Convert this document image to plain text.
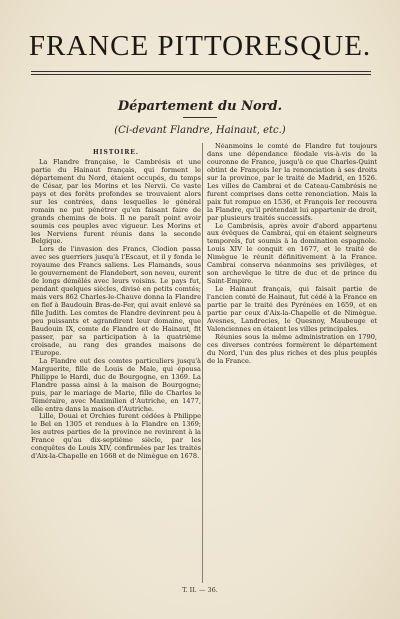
FRANCE PITTORESQUE.
Département du Nord.
(Ci-devant Flandre, Hainaut, etc.)
HISTOIRE.

La Flandre française, le Cambrésis et une partie du Hainaut français, qui forment le département du Nord, étaient occupés, du temps de César, par les Morins et les Nervii. Ce vaste pays et des forêts profondes se trouvaient alors sur les contrées, dans lesquelles le général romain ne put pénétrer qu'en faisant faire de grands chemins de bois. Il ne paraît point avoir soumis ces peuples avec vigueur. Les Morins et les Nerviens furent réunis dans la seconde Belgique.

Lors de l'invasion des Francs, Clodion passa avec ses guerriers jusqu'à l'Escaut, et il y fonda le royaume des Francs saliens. Les Flamands, sous le gouvernement de Flandebert, son neveu, eurent de longs démêlés avec leurs voisins. Le pays fut, pendant quelques siècles, divisé en petits comtés; mais vers 862 Charles-le-Chauve donna la Flandre en fief à Baudouin Bras-de-Fer, qui avait enlevé sa fille Judith. Les comtes de Flandre devinrent peu à peu puissants et agrandirent leur domaine, que Baudouin IX, comte de Flandre et de Hainaut, fit passer, par sa participation à la quatrième croisade, au rang des grandes maisons de l'Europe.

La Flandre eut des comtes particuliers jusqu'à Marguerite, fille de Louis de Male, qui épousa Philippe le Hardi, duc de Bourgogne, en 1369. La Flandre passa ainsi à la maison de Bourgogne; puis, par le mariage de Marie, fille de Charles le Téméraire, avec Maximilien d'Autriche, en 1477, elle entra dans la maison d'Autriche.

Lille, Douai et Orchies furent cédées à Philippe le Bel en 1305 et rendues à la Flandre en 1369; les autres parties de la province ne revinrent à la France qu'au dix-septième siècle, par les conquêtes de Louis XIV, confirmées par les traités d'Aix-la-Chapelle en 1668 et de Nimègue en 1678.

Néanmoins le comté de Flandre fut toujours dans une dépendance féodale vis-à-vis de la couronne de France, jusqu'à ce que Charles-Quint obtint de François Ier la renonciation à ses droits sur la province, par le traité de Madrid, en 1526. Les villes de Cambrai et de Cateau-Cambrésis ne furent comprises dans cette renonciation. Mais la paix fut rompue en 1536, et François Ier recouvra la Flandre, qu'il prétendait lui appartenir de droit, par plusieurs traités successifs.

Le Cambrésis, après avoir d'abord appartenu aux évêques de Cambrai, qui en étaient seigneurs temporels, fut soumis à la domination espagnole. Louis XIV le conquit en 1677, et le traité de Nimègue le réunit définitivement à la France. Cambrai conserva néanmoins ses privilèges, et son archevêque le titre de duc et de prince du Saint-Empire.

Le Hainaut français, qui faisait partie de l'ancien comté de Hainaut, fut cédé à la France en partie par le traité des Pyrénées en 1659, et en partie par ceux d'Aix-la-Chapelle et de Nimègue. Avesnes, Landrecies, le Quesnoy, Maubeuge et Valenciennes en étaient les villes principales.

Réunies sous la même administration en 1790, ces diverses contrées formèrent le département du Nord, l'un des plus riches et des plus peuplés de la France.

T. II. — 36.
